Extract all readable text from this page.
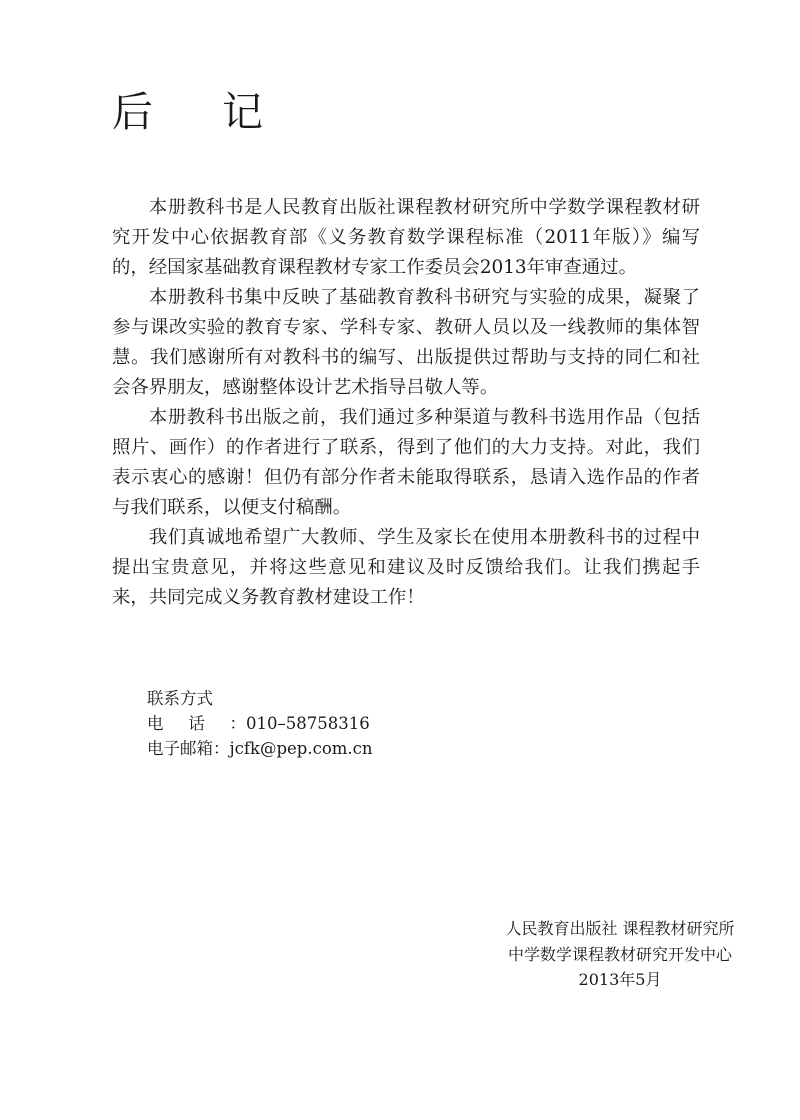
后 记

本册教科书是人民教育出版社课程教材研究所中学数学课程教材研究开发中心依据教育部《义务教育数学课程标准（2011年版）》编写的，经国家基础教育课程教材专家工作委员会2013年审查通过。

本册教科书集中反映了基础教育教科书研究与实验的成果，凝聚了参与课改实验的教育专家、学科专家、教研人员以及一线教师的集体智慧。我们感谢所有对教科书的编写、出版提供过帮助与支持的同仁和社会各界朋友，感谢整体设计艺术指导吕敬人等。

本册教科书出版之前，我们通过多种渠道与教科书选用作品（包括照片、画作）的作者进行了联系，得到了他们的大力支持。对此，我们表示衷心的感谢！但仍有部分作者未能取得联系，恳请入选作品的作者与我们联系，以便支付稿酬。

我们真诚地希望广大教师、学生及家长在使用本册教科书的过程中提出宝贵意见，并将这些意见和建议及时反馈给我们。让我们携起手来，共同完成义务教育教材建设工作！

联系方式

电话：010–58758316

电子邮箱：jcfk@pep.com.cn

人民教育出版社 课程教材研究所

中学数学课程教材研究开发中心

2013年5月
